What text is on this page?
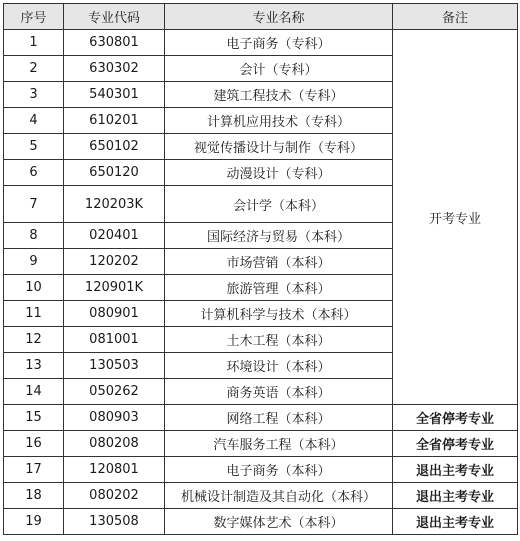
序号	专业代码	专业名称	备注
1	630801	电子商务（专科）	开考专业
2	630302	会计（专科）	
3	540301	建筑工程技术（专科）	
4	610201	计算机应用技术（专科）	
5	650102	视觉传播设计与制作（专科）	
6	650120	动漫设计（专科）	
7	120203K	会计学（本科）	
8	020401	国际经济与贸易（本科）	
9	120202	市场营销（本科）	
10	120901K	旅游管理（本科）	
11	080901	计算机科学与技术（本科）	
12	081001	土木工程（本科）	
13	130503	环境设计（本科）	
14	050262	商务英语（本科）	
15	080903	网络工程（本科）	全省停考专业
16	080208	汽车服务工程（本科）	全省停考专业
17	120801	电子商务（本科）	退出主考专业
18	080202	机械设计制造及其自动化（本科）	退出主考专业
19	130508	数字媒体艺术（本科）	退出主考专业
